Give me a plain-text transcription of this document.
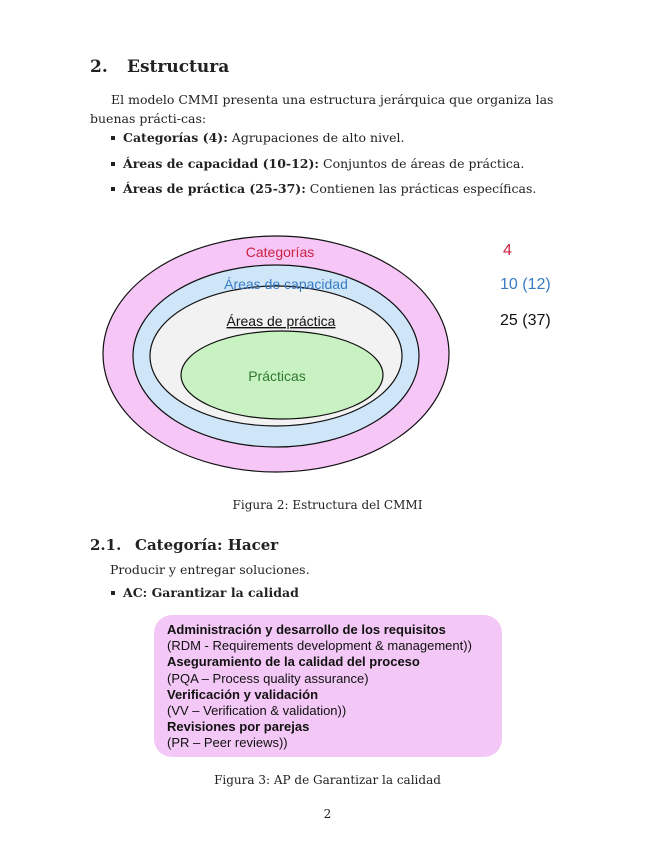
2. Estructura
El modelo CMMI presenta una estructura jerárquica que organiza las buenas prácti-cas:
Categorías (4): Agrupaciones de alto nivel.
Áreas de capacidad (10-12): Conjuntos de áreas de práctica.
Áreas de práctica (25-37): Contienen las prácticas específicas.
Categorías
Áreas de capacidad
Áreas de práctica
Prácticas
4
10 (12)
25 (37)
Figura 2: Estructura del CMMI
2.1. Categoría: Hacer
Producir y entregar soluciones.
AC: Garantizar la calidad
Administración y desarrollo de los requisitos
(RDM - Requirements development & management))
Aseguramiento de la calidad del proceso
(PQA – Process quality assurance)
Verificación y validación
(VV – Verification & validation))
Revisiones por parejas
(PR – Peer reviews))
Figura 3: AP de Garantizar la calidad
2
